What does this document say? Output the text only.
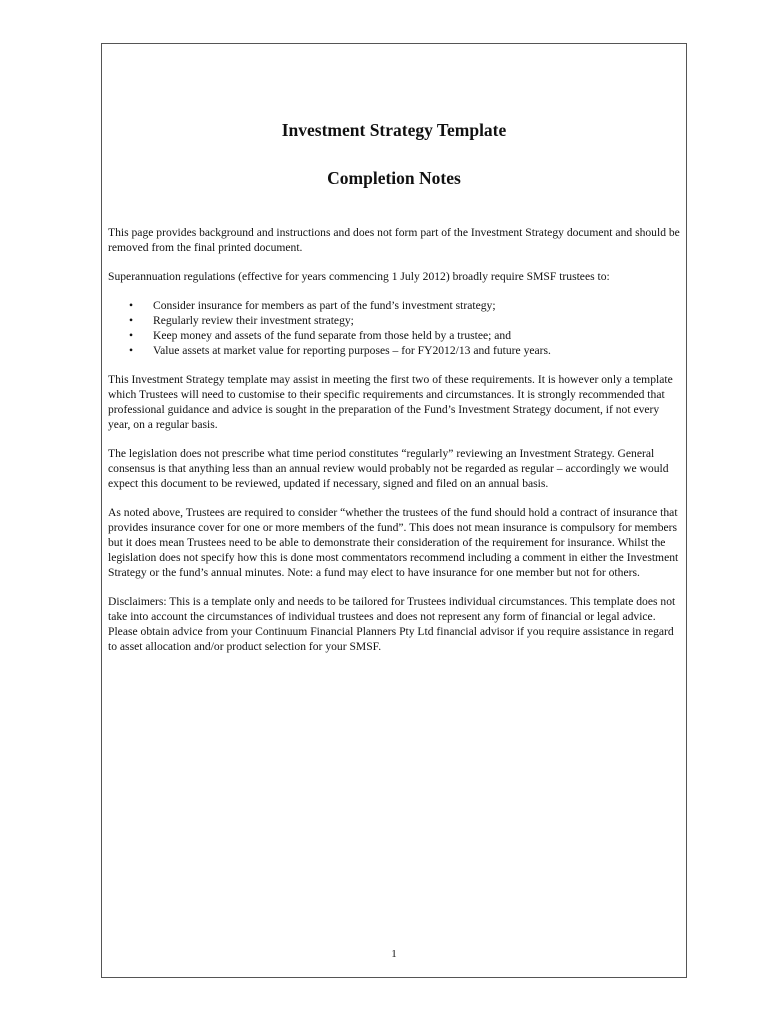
Investment Strategy Template
Completion Notes

This page provides background and instructions and does not form part of the Investment Strategy document and should be removed from the final printed document.

Superannuation regulations (effective for years commencing 1 July 2012) broadly require SMSF trustees to:

• Consider insurance for members as part of the fund’s investment strategy;
• Regularly review their investment strategy;
• Keep money and assets of the fund separate from those held by a trustee; and
• Value assets at market value for reporting purposes – for FY2012/13 and future years.

This Investment Strategy template may assist in meeting the first two of these requirements. It is however only a template which Trustees will need to customise to their specific requirements and circumstances. It is strongly recommended that professional guidance and advice is sought in the preparation of the Fund’s Investment Strategy document, if not every year, on a regular basis.

The legislation does not prescribe what time period constitutes “regularly” reviewing an Investment Strategy. General consensus is that anything less than an annual review would probably not be regarded as regular – accordingly we would expect this document to be reviewed, updated if necessary, signed and filed on an annual basis.

As noted above, Trustees are required to consider “whether the trustees of the fund should hold a contract of insurance that provides insurance cover for one or more members of the fund”. This does not mean insurance is compulsory for members but it does mean Trustees need to be able to demonstrate their consideration of the requirement for insurance. Whilst the legislation does not specify how this is done most commentators recommend including a comment in either the Investment Strategy or the fund’s annual minutes. Note: a fund may elect to have insurance for one member but not for others.

Disclaimers: This is a template only and needs to be tailored for Trustees individual circumstances. This template does not take into account the circumstances of individual trustees and does not represent any form of financial or legal advice. Please obtain advice from your Continuum Financial Planners Pty Ltd financial advisor if you require assistance in regard to asset allocation and/or product selection for your SMSF.

1
